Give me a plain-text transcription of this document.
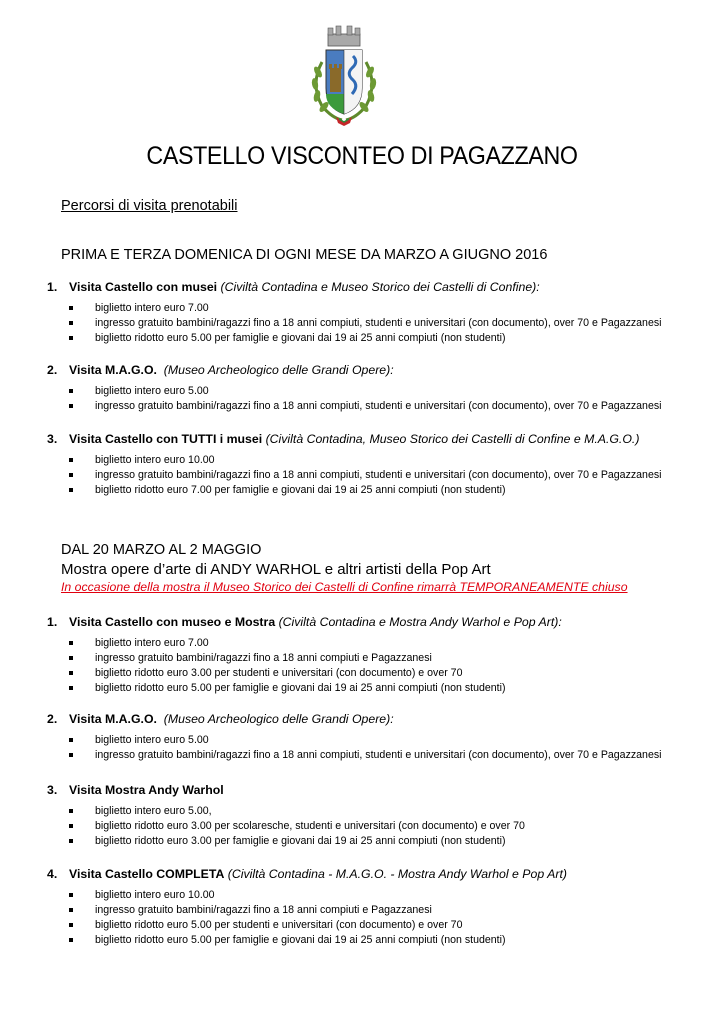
CASTELLO VISCONTEO DI PAGAZZANO
Percorsi di visita prenotabili
PRIMA E TERZA DOMENICA DI OGNI MESE DA MARZO A GIUGNO 2016
1. Visita Castello con musei (Civiltà Contadina e Museo Storico dei Castelli di Confine):
biglietto intero euro 7.00
ingresso gratuito bambini/ragazzi fino a 18 anni compiuti, studenti e universitari (con documento), over 70 e Pagazzanesi
biglietto ridotto euro 5.00 per famiglie e giovani dai 19 ai 25 anni compiuti (non studenti)
2. Visita M.A.G.O. (Museo Archeologico delle Grandi Opere):
biglietto intero euro 5.00
ingresso gratuito bambini/ragazzi fino a 18 anni compiuti, studenti e universitari (con documento), over 70 e Pagazzanesi
3. Visita Castello con TUTTI i musei (Civiltà Contadina, Museo Storico dei Castelli di Confine e M.A.G.O.)
biglietto intero euro 10.00
ingresso gratuito bambini/ragazzi fino a 18 anni compiuti, studenti e universitari (con documento), over 70 e Pagazzanesi
biglietto ridotto euro 7.00 per famiglie e giovani dai 19 ai 25 anni compiuti (non studenti)
DAL 20 MARZO AL 2 MAGGIO
Mostra opere d’arte di ANDY WARHOL e altri artisti della Pop Art
In occasione della mostra il Museo Storico dei Castelli di Confine rimarrà TEMPORANEAMENTE chiuso
1. Visita Castello con museo e Mostra (Civiltà Contadina e Mostra Andy Warhol e Pop Art):
biglietto intero euro 7.00
ingresso gratuito bambini/ragazzi fino a 18 anni compiuti e Pagazzanesi
biglietto ridotto euro 3.00 per studenti e universitari (con documento) e over 70
biglietto ridotto euro 5.00 per famiglie e giovani dai 19 ai 25 anni compiuti (non studenti)
2. Visita M.A.G.O. (Museo Archeologico delle Grandi Opere):
biglietto intero euro 5.00
ingresso gratuito bambini/ragazzi fino a 18 anni compiuti, studenti e universitari (con documento), over 70 e Pagazzanesi
3. Visita Mostra Andy Warhol
biglietto intero euro 5.00,
biglietto ridotto euro 3.00 per scolaresche, studenti e universitari (con documento) e over 70
biglietto ridotto euro 3.00 per famiglie e giovani dai 19 ai 25 anni compiuti (non studenti)
4. Visita Castello COMPLETA (Civiltà Contadina - M.A.G.O. - Mostra Andy Warhol e Pop Art)
biglietto intero euro 10.00
ingresso gratuito bambini/ragazzi fino a 18 anni compiuti e Pagazzanesi
biglietto ridotto euro 5.00 per studenti e universitari (con documento) e over 70
biglietto ridotto euro 5.00 per famiglie e giovani dai 19 ai 25 anni compiuti (non studenti)
